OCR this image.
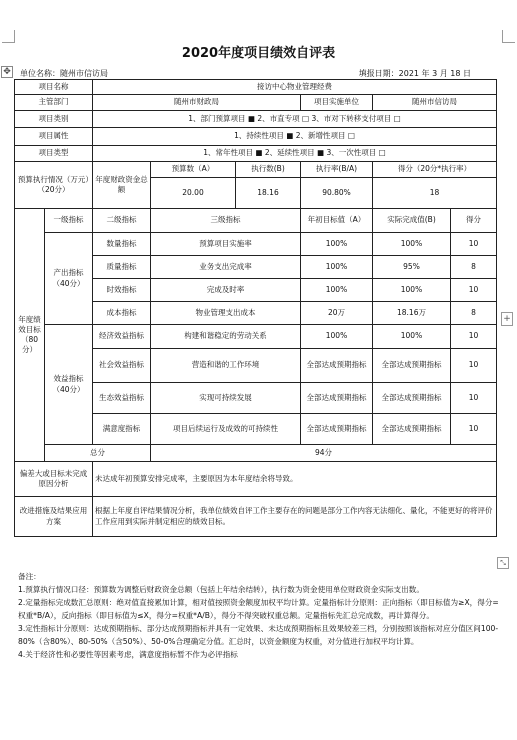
2020年度项目绩效自评表
✥ 单位名称：随州市信访局	填报日期：2021 年 3 月 18 日
+
项目名称		接访中心物业管理经费					
主管部门		随州市财政局			项目实施单位	随州市信访局	
项目类别		1、部门预算项目 ■ 2、市直专项 □ 3、市对下转移支付项目 □					
项目属性		1、持续性项目 ■ 2、新增性项目 □					
项目类型		1、常年性项目 ■ 2、延续性项目 ■ 3、一次性项目 □					
预算执行情况（万元）（20分）		年度财政资金总额	预算数（A）	执行数(B)	执行率(B/A)	得分（20分*执行率）	
			20.00	18.16	90.80%	18	
年度绩效目标（80分）	一级指标	二级指标	三级指标		年初目标值（A）	实际完成值(B)	得分
	产出指标（40分）	数量指标	预算项目实施率		100%	100%	10
		质量指标	业务支出完成率		100%	95%	8
		时效指标	完成及时率		100%	100%	10
		成本指标	物业管理支出成本		20万	18.16万	8
	效益指标（40分）	经济效益指标	构建和谐稳定的劳动关系		100%	100%	10
		社会效益指标	营造和谐的工作环境		全部达成预期指标	全部达成预期指标	10
		生态效益指标	实现可持续发展		全部达成预期指标	全部达成预期指标	10
		满意度指标	项目后续运行及成效的可持续性		全部达成预期指标	全部达成预期指标	10
	总分		94分				
偏差大或目标未完成原因分析		未达成年初预算安排完成率，主要原因为本年度结余将导致。					
改进措施及结果应用方案		根据上年度自评结果情况分析，我单位绩效自评工作主要存在的问题是部分工作内容无法细化、量化，不能更好的将评价工作应用到实际并制定相应的绩效目标。					
⤡

备注：

1.预算执行情况口径：预算数为调整后财政资金总额（包括上年结余结转），执行数为资金使用单位财政资金实际支出数。

2.定量指标完成数汇总原则：绝对值直接累加计算，相对值按照资金额度加权平均计算。定量指标计分原则：正向指标（即目标值为≥X，得分=权重*B/A），反向指标（即目标值为≤X，得分=权重*A/B），得分不得突破权重总额。定量指标先汇总完成数，再计算得分。

3.定性指标计分原则：达成预期指标、部分达成预期指标并具有一定效果、未达成预期指标且效果较差三档，分别按照该指标对应分值区间100-80%（含80%）、80-50%（含50%）、50-0%合理确定分值。汇总时，以资金额度为权重，对分值进行加权平均计算。

4.关于经济性和必要性等因素考虑，满意度指标暂不作为必评指标
